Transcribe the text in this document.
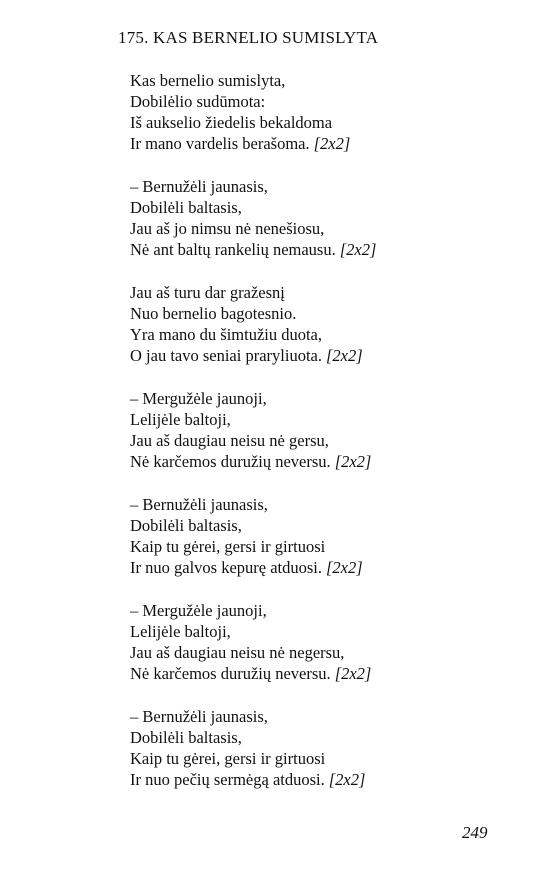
175. KAS BERNELIO SUMISLYTA
Kas bernelio sumislyta,
Dobilėlio sudūmota:
Iš aukselio žiedelis bekaldoma
Ir mano vardelis berašoma. [2x2]
– Bernužėli jaunasis,
Dobilėli baltasis,
Jau aš jo nimsu nė nenešiosu,
Nė ant baltų rankelių nemausu. [2x2]
Jau aš turu dar gražesnį
Nuo bernelio bagotesnio.
Yra mano du šimtužiu duota,
O jau tavo seniai praryliuota. [2x2]
– Mergužėle jaunoji,
Lelijėle baltoji,
Jau aš daugiau neisu nė gersu,
Nė karčemos duružių neversu. [2x2]
– Bernužėli jaunasis,
Dobilėli baltasis,
Kaip tu gėrei, gersi ir girtuosi
Ir nuo galvos kepurę atduosi. [2x2]
– Mergužėle jaunoji,
Lelijėle baltoji,
Jau aš daugiau neisu nė negersu,
Nė karčemos duružių neversu. [2x2]
– Bernužėli jaunasis,
Dobilėli baltasis,
Kaip tu gėrei, gersi ir girtuosi
Ir nuo pečių sermėgą atduosi. [2x2]
249
